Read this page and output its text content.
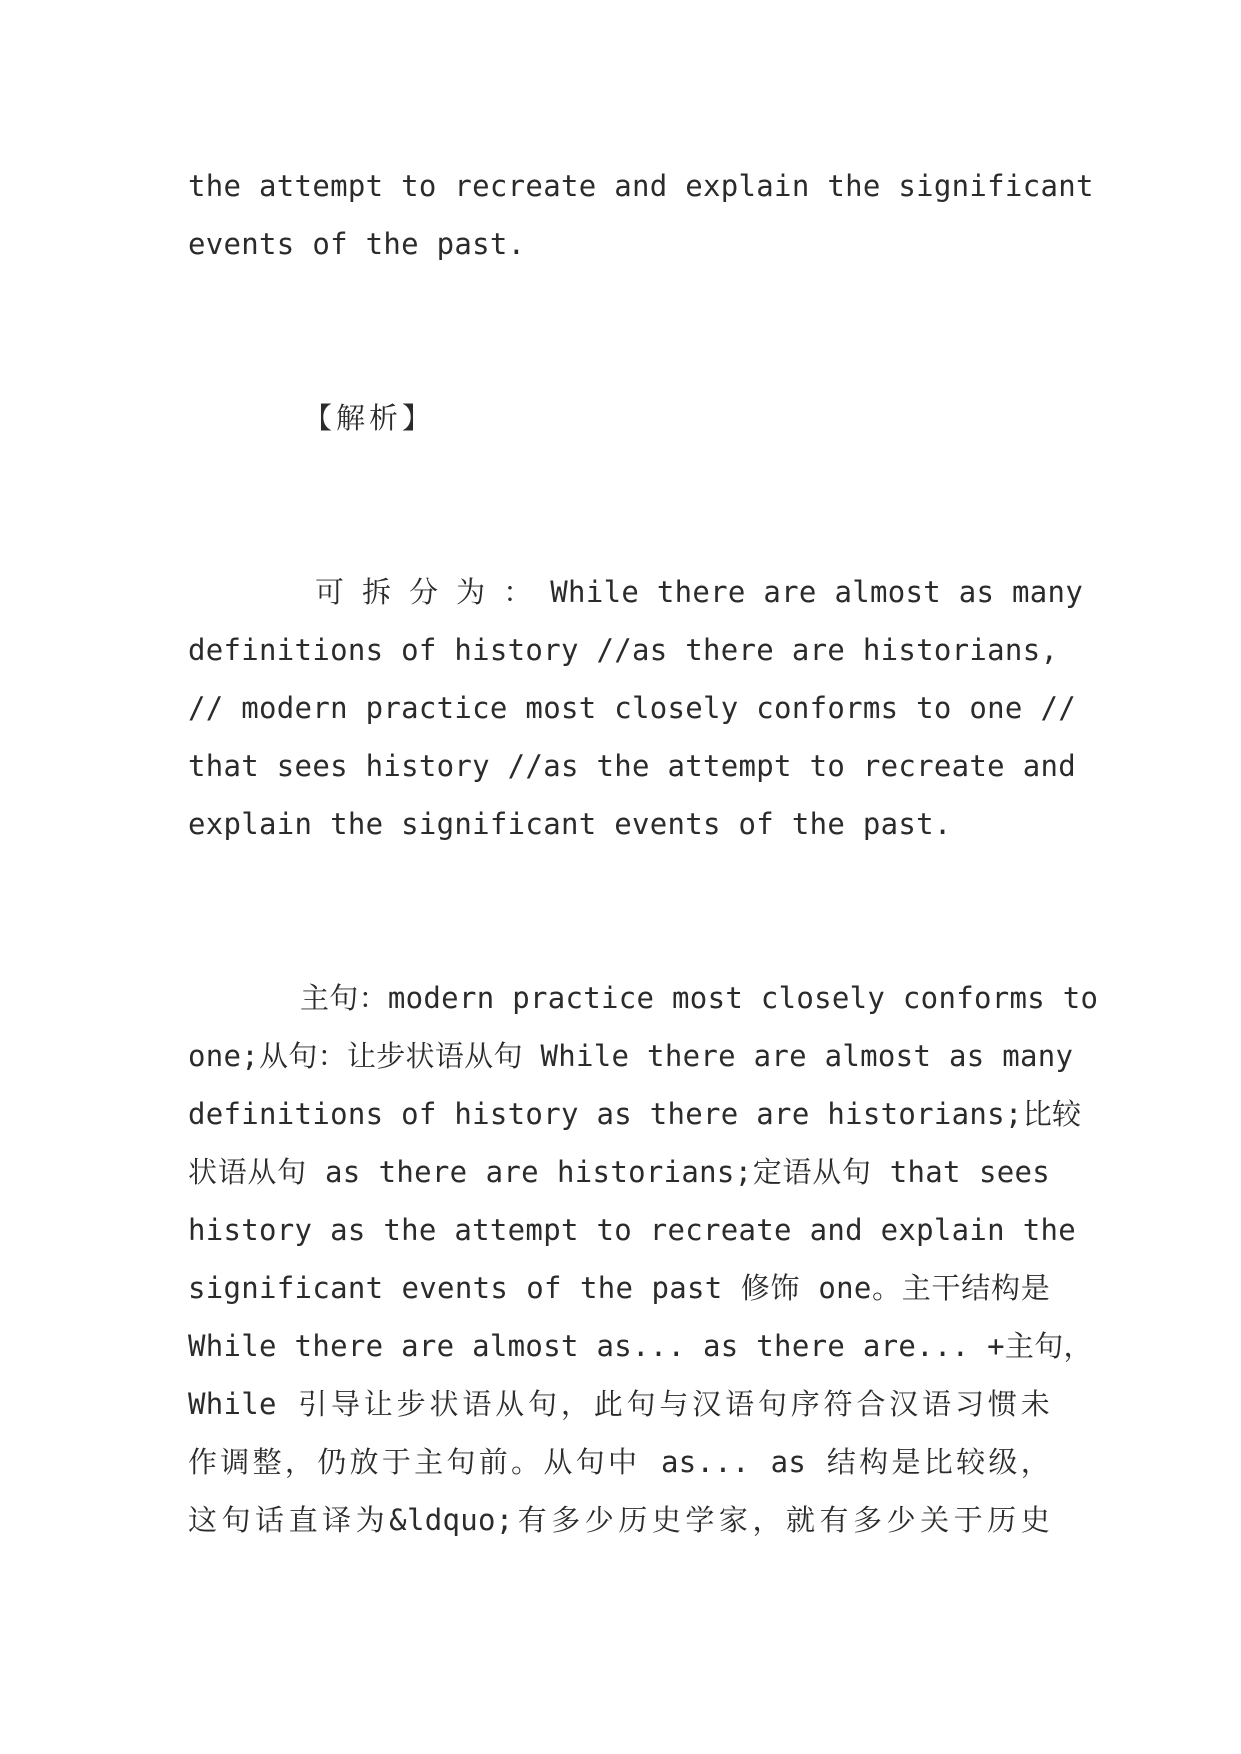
the attempt to recreate and explain the significant
events of the past.
【解析】
可 拆 分 为 ： While there are almost as many
definitions of history //as there are historians,
// modern practice most closely conforms to one //
that sees history //as the attempt to recreate and
explain the significant events of the past.
主句：modern practice most closely conforms to
one;从句：让步状语从句 While there are almost as many
definitions of history as there are historians;比较
状语从句 as there are historians;定语从句 that sees
history as the attempt to recreate and explain the
significant events of the past 修饰 one。主干结构是
While there are almost as... as there are... +主句，
While 引导让步状语从句，此句与汉语句序符合汉语习惯未
作调整，仍放于主句前。从句中 as... as 结构是比较级，
这句话直译为&ldquo;有多少历史学家，就有多少关于历史
